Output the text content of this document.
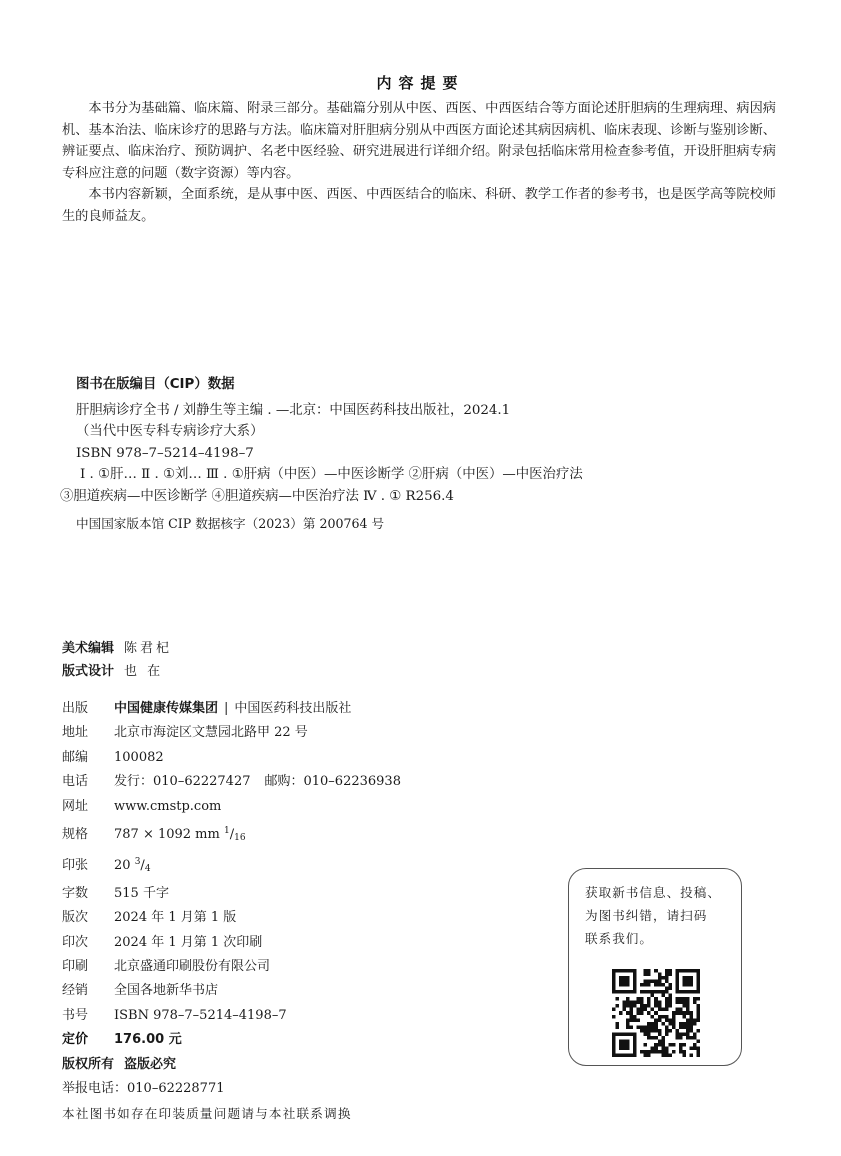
内容提要

本书分为基础篇、临床篇、附录三部分。基础篇分别从中医、西医、中西医结合等方面论述肝胆病的生理病理、病因病机、基本治法、临床诊疗的思路与方法。临床篇对肝胆病分别从中西医方面论述其病因病机、临床表现、诊断与鉴别诊断、辨证要点、临床治疗、预防调护、名老中医经验、研究进展进行详细介绍。附录包括临床常用检查参考值，开设肝胆病专病专科应注意的问题（数字资源）等内容。

本书内容新颖，全面系统，是从事中医、西医、中西医结合的临床、科研、教学工作者的参考书，也是医学高等院校师生的良师益友。

图书在版编目（CIP）数据
肝胆病诊疗全书 / 刘静生等主编 . —北京：中国医药科技出版社，2024.1
（当代中医专科专病诊疗大系）
ISBN 978–7–5214–4198–7
Ⅰ . ①肝… Ⅱ . ①刘… Ⅲ . ①肝病（中医）—中医诊断学 ②肝病（中医）—中医治疗法
③胆道疾病—中医诊断学 ④胆道疾病—中医治疗法 Ⅳ . ① R256.4
中国国家版本馆 CIP 数据核字（2023）第 200764 号
美术编辑 陈君杞
版式设计 也 在
出版 中国健康传媒集团 | 中国医药科技出版社
地址 北京市海淀区文慧园北路甲 22 号
邮编 100082
电话 发行：010–62227427 邮购：010–62236938
网址 www.cmstp.com
规格 787 × 1092 mm $^1/_{16}$
印张 20 $^3/_4$
字数 515 千字
版次 2024 年 1 月第 1 版
印次 2024 年 1 月第 1 次印刷
印刷 北京盛通印刷股份有限公司
经销 全国各地新华书店
书号 ISBN 978–7–5214–4198–7
定价 176.00 元
版权所有 盗版必究
举报电话：010–62228771
本社图书如存在印装质量问题请与本社联系调换
获取新书信息、投稿、
为图书纠错，请扫码
联系我们。
